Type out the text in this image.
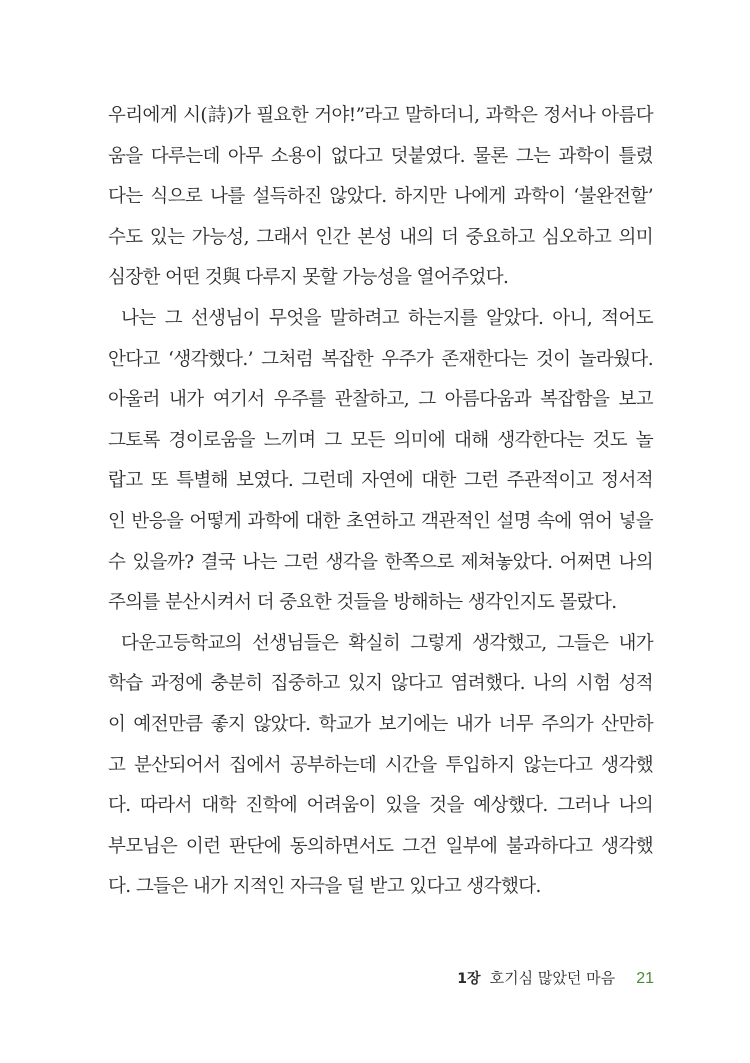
우리에게 시(詩)가 필요한 거야!”라고 말하더니, 과학은 정서나 아름다
움을 다루는데 아무 소용이 없다고 덧붙였다. 물론 그는 과학이 틀렸
다는 식으로 나를 설득하진 않았다. 하지만 나에게 과학이 ‘불완전할’
수도 있는 가능성, 그래서 인간 본성 내의 더 중요하고 심오하고 의미
심장한 어떤 것與 다루지 못할 가능성을 열어주었다.
나는 그 선생님이 무엇을 말하려고 하는지를 알았다. 아니, 적어도
안다고 ‘생각했다.’ 그처럼 복잡한 우주가 존재한다는 것이 놀라웠다.
아울러 내가 여기서 우주를 관찰하고, 그 아름다움과 복잡함을 보고
그토록 경이로움을 느끼며 그 모든 의미에 대해 생각한다는 것도 놀
랍고 또 특별해 보였다. 그런데 자연에 대한 그런 주관적이고 정서적
인 반응을 어떻게 과학에 대한 초연하고 객관적인 설명 속에 엮어 넣을
수 있을까? 결국 나는 그런 생각을 한쪽으로 제쳐놓았다. 어쩌면 나의
주의를 분산시켜서 더 중요한 것들을 방해하는 생각인지도 몰랐다.
다운고등학교의 선생님들은 확실히 그렇게 생각했고, 그들은 내가
학습 과정에 충분히 집중하고 있지 않다고 염려했다. 나의 시험 성적
이 예전만큼 좋지 않았다. 학교가 보기에는 내가 너무 주의가 산만하
고 분산되어서 집에서 공부하는데 시간을 투입하지 않는다고 생각했
다. 따라서 대학 진학에 어려움이 있을 것을 예상했다. 그러나 나의
부모님은 이런 판단에 동의하면서도 그건 일부에 불과하다고 생각했
다. 그들은 내가 지적인 자극을 덜 받고 있다고 생각했다.
1장 호기심 많았던 마음 21
